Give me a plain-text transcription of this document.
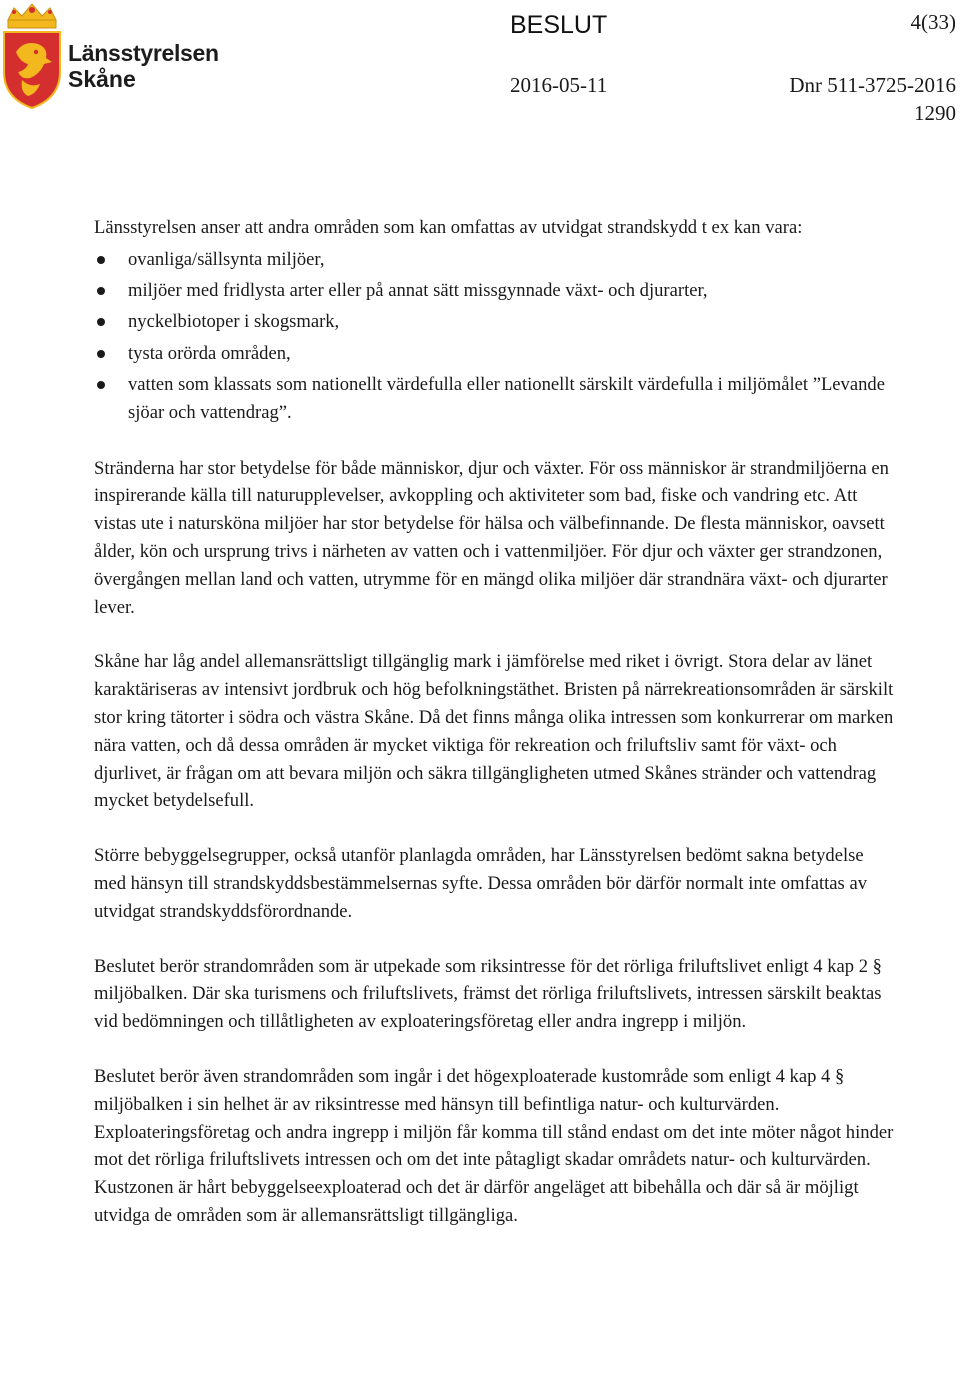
Länsstyrelsen
Skåne
BESLUT	4(33)
2016-05-11	Dnr 511-3725-2016
1290

Länsstyrelsen anser att andra områden som kan omfattas av utvidgat strandskydd t ex kan vara:

ovanliga/sällsynta miljöer,
miljöer med fridlysta arter eller på annat sätt missgynnade växt- och djurarter,
nyckelbiotoper i skogsmark,
tysta orörda områden,
vatten som klassats som nationellt värdefulla eller nationellt särskilt värdefulla i miljömålet ”Levande sjöar och vattendrag”.

Stränderna har stor betydelse för både människor, djur och växter. För oss människor är strandmiljöerna en inspirerande källa till naturupplevelser, avkoppling och aktiviteter som bad, fiske och vandring etc. Att vistas ute i natursköna miljöer har stor betydelse för hälsa och välbefinnande. De flesta människor, oavsett ålder, kön och ursprung trivs i närheten av vatten och i vattenmiljöer. För djur och växter ger strandzonen, övergången mellan land och vatten, utrymme för en mängd olika miljöer där strandnära växt- och djurarter lever.

Skåne har låg andel allemansrättsligt tillgänglig mark i jämförelse med riket i övrigt. Stora delar av länet karaktäriseras av intensivt jordbruk och hög befolkningstäthet. Bristen på närrekreationsområden är särskilt stor kring tätorter i södra och västra Skåne. Då det finns många olika intressen som konkurrerar om marken nära vatten, och då dessa områden är mycket viktiga för rekreation och friluftsliv samt för växt- och djurlivet, är frågan om att bevara miljön och säkra tillgängligheten utmed Skånes stränder och vattendrag mycket betydelsefull.

Större bebyggelsegrupper, också utanför planlagda områden, har Länsstyrelsen bedömt sakna betydelse med hänsyn till strandskyddsbestämmelsernas syfte. Dessa områden bör därför normalt inte omfattas av utvidgat strandskyddsförordnande.

Beslutet berör strandområden som är utpekade som riksintresse för det rörliga friluftslivet enligt 4 kap 2 § miljöbalken. Där ska turismens och friluftslivets, främst det rörliga friluftslivets, intressen särskilt beaktas vid bedömningen och tillåtligheten av exploateringsföretag eller andra ingrepp i miljön.

Beslutet berör även strandområden som ingår i det högexploaterade kustområde som enligt 4 kap 4 § miljöbalken i sin helhet är av riksintresse med hänsyn till befintliga natur- och kulturvärden. Exploateringsföretag och andra ingrepp i miljön får komma till stånd endast om det inte möter något hinder mot det rörliga friluftslivets intressen och om det inte påtagligt skadar områdets natur- och kulturvärden. Kustzonen är hårt bebyggelseexploaterad och det är därför angeläget att bibehålla och där så är möjligt utvidga de områden som är allemansrättsligt tillgängliga.
